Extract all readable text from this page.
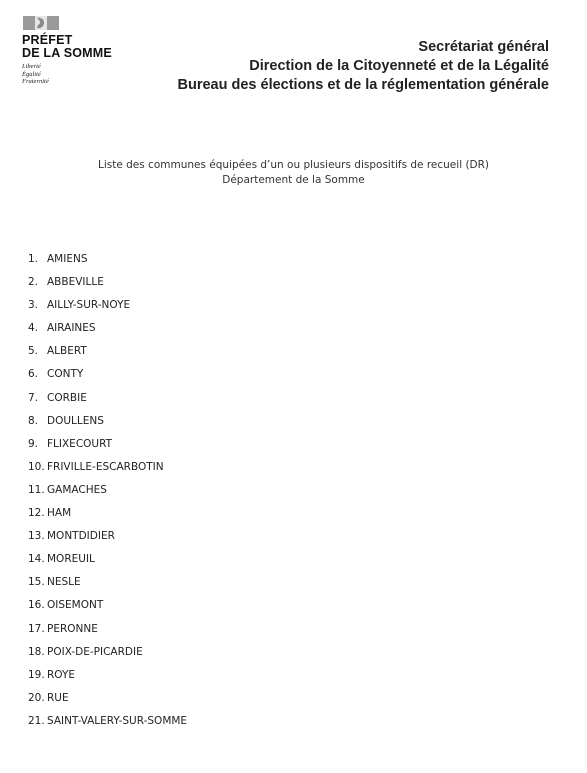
PRÉFET
DE LA SOMME
Liberté
Égalité
Fraternité
Secrétariat général
Direction de la Citoyenneté et de la Légalité
Bureau des élections et de la réglementation générale
Liste des communes équipées d’un ou plusieurs dispositifs de recueil (DR)
Département de la Somme
1. AMIENS
2. ABBEVILLE
3. AILLY-SUR-NOYE
4. AIRAINES
5. ALBERT
6. CONTY
7. CORBIE
8. DOULLENS
9. FLIXECOURT
10. FRIVILLE-ESCARBOTIN
11. GAMACHES
12. HAM
13. MONTDIDIER
14. MOREUIL
15. NESLE
16. OISEMONT
17. PERONNE
18. POIX-DE-PICARDIE
19. ROYE
20. RUE
21. SAINT-VALERY-SUR-SOMME
